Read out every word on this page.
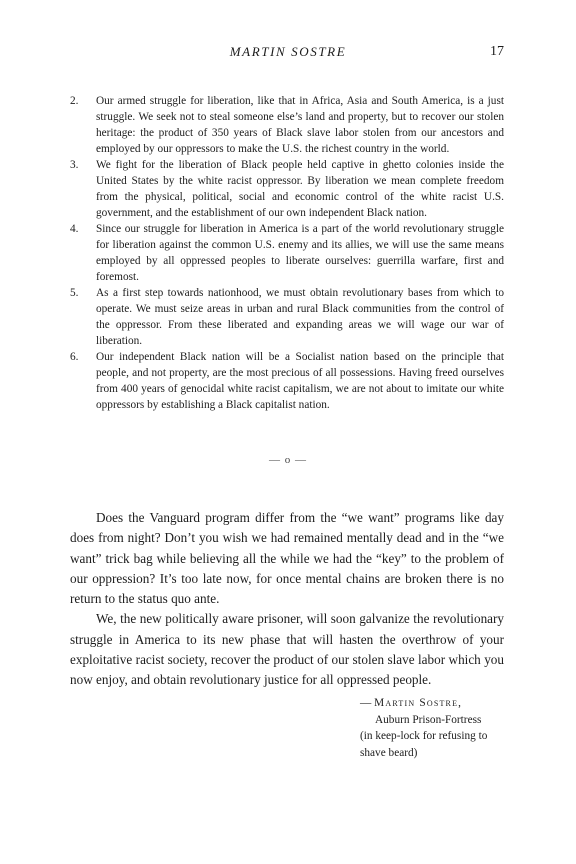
MARTIN SOSTRE	17
2. Our armed struggle for liberation, like that in Africa, Asia and South America, is a just struggle. We seek not to steal someone else’s land and property, but to recover our stolen heritage: the product of 350 years of Black slave labor stolen from our ancestors and employed by our oppressors to make the U.S. the richest country in the world.
3. We fight for the liberation of Black people held captive in ghetto colonies inside the United States by the white racist oppressor. By liberation we mean complete freedom from the physical, political, social and economic control of the white racist U.S. government, and the establishment of our own independent Black nation.
4. Since our struggle for liberation in America is a part of the world revolutionary struggle for liberation against the common U.S. enemy and its allies, we will use the same means employed by all oppressed peoples to liberate ourselves: guerrilla warfare, first and foremost.
5. As a first step towards nationhood, we must obtain revolutionary bases from which to operate. We must seize areas in urban and rural Black communities from the control of the oppressor. From these liberated and expanding areas we will wage our war of liberation.
6. Our independent Black nation will be a Socialist nation based on the principle that people, and not property, are the most precious of all possessions. Having freed ourselves from 400 years of genocidal white racist capitalism, we are not about to imitate our white oppressors by establishing a Black capitalist nation.
— o —

Does the Vanguard program differ from the “we want” programs like day does from night? Don’t you wish we had remained mentally dead and in the “we want” trick bag while believing all the while we had the “key” to the problem of our oppression? It’s too late now, for once mental chains are broken there is no return to the status quo ante.

We, the new politically aware prisoner, will soon galvanize the revolutionary struggle in America to its new phase that will hasten the overthrow of your exploitative racist society, recover the product of our stolen slave labor which you now enjoy, and obtain revolutionary justice for all oppressed people.

— Martin Sostre,
Auburn Prison-Fortress
(in keep-lock for refusing to
shave beard)
